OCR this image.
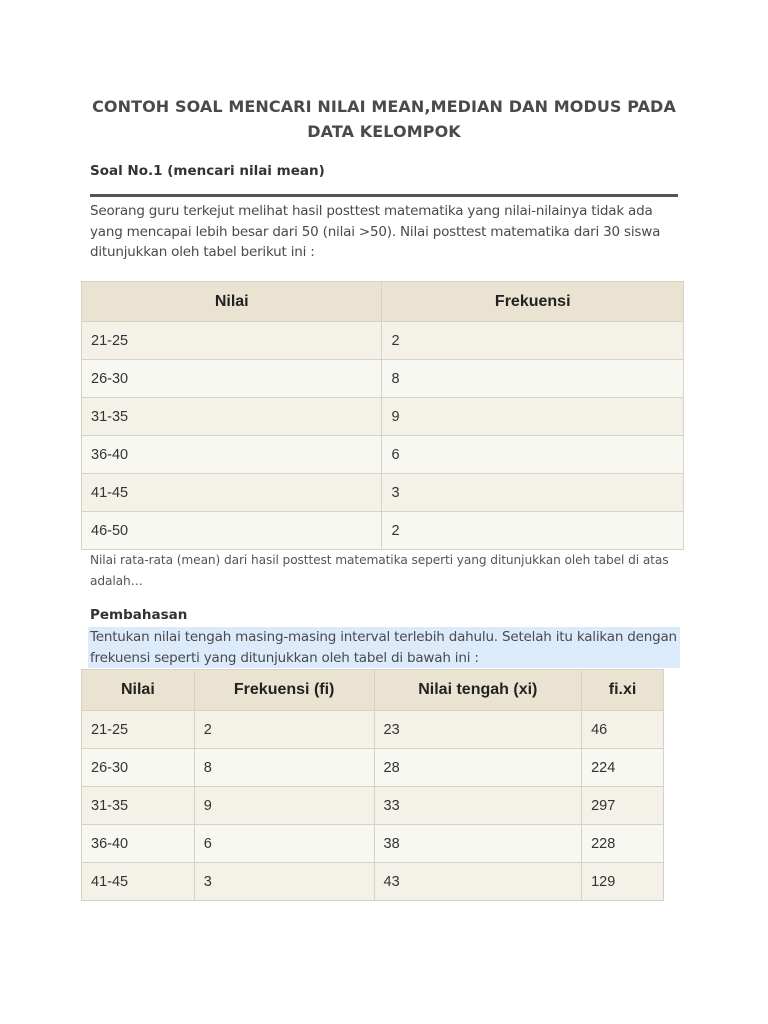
CONTOH SOAL MENCARI NILAI MEAN,MEDIAN DAN MODUS PADA DATA KELOMPOK
Soal No.1 (mencari nilai mean)
Seorang guru terkejut melihat hasil posttest matematika yang nilai-nilainya tidak ada yang mencapai lebih besar dari 50 (nilai >50). Nilai posttest matematika dari 30 siswa ditunjukkan oleh tabel berikut ini :
Nilai	Frekuensi
21-25	2
26-30	8
31-35	9
36-40	6
41-45	3
46-50	2
Nilai rata-rata (mean) dari hasil posttest matematika seperti yang ditunjukkan oleh tabel di atas adalah…
Pembahasan
Tentukan nilai tengah masing-masing interval terlebih dahulu. Setelah itu kalikan dengan frekuensi seperti yang ditunjukkan oleh tabel di bawah ini :
Nilai	Frekuensi (fi)	Nilai tengah (xi)	fi.xi
21-25	2	23	46
26-30	8	28	224
31-35	9	33	297
36-40	6	38	228
41-45	3	43	129
